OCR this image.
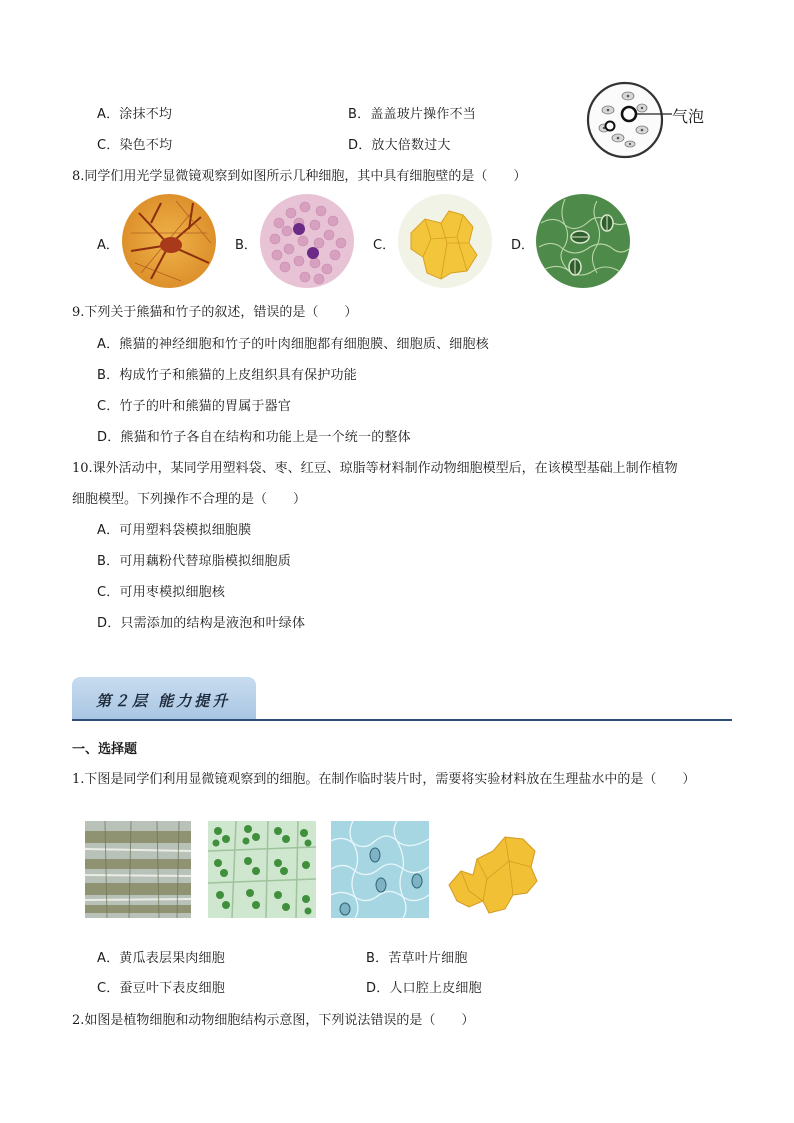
A．涂抹不均	B．盖盖玻片操作不当
C．染色不均	D．放大倍数过大
气泡
8.同学们用光学显微镜观察到如图所示几种细胞，其中具有细胞壁的是（　　）
A．	B．	C．	D．
9.下列关于熊猫和竹子的叙述，错误的是（　　）
A．熊猫的神经细胞和竹子的叶肉细胞都有细胞膜、细胞质、细胞核
B．构成竹子和熊猫的上皮组织具有保护功能
C．竹子的叶和熊猫的胃属于器官
D．熊猫和竹子各自在结构和功能上是一个统一的整体
10.课外活动中，某同学用塑料袋、枣、红豆、琼脂等材料制作动物细胞模型后，在该模型基础上制作植物
细胞模型。下列操作不合理的是（　　）
A．可用塑料袋模拟细胞膜
B．可用藕粉代替琼脂模拟细胞质
C．可用枣模拟细胞核
D．只需添加的结构是液泡和叶绿体
第２层 能力提升
一、选择题
1.下图是同学们利用显微镜观察到的细胞。在制作临时装片时，需要将实验材料放在生理盐水中的是（　　）
A．黄瓜表层果肉细胞	B．苦草叶片细胞
C．蚕豆叶下表皮细胞	D．人口腔上皮细胞
2.如图是植物细胞和动物细胞结构示意图，下列说法错误的是（　　）
